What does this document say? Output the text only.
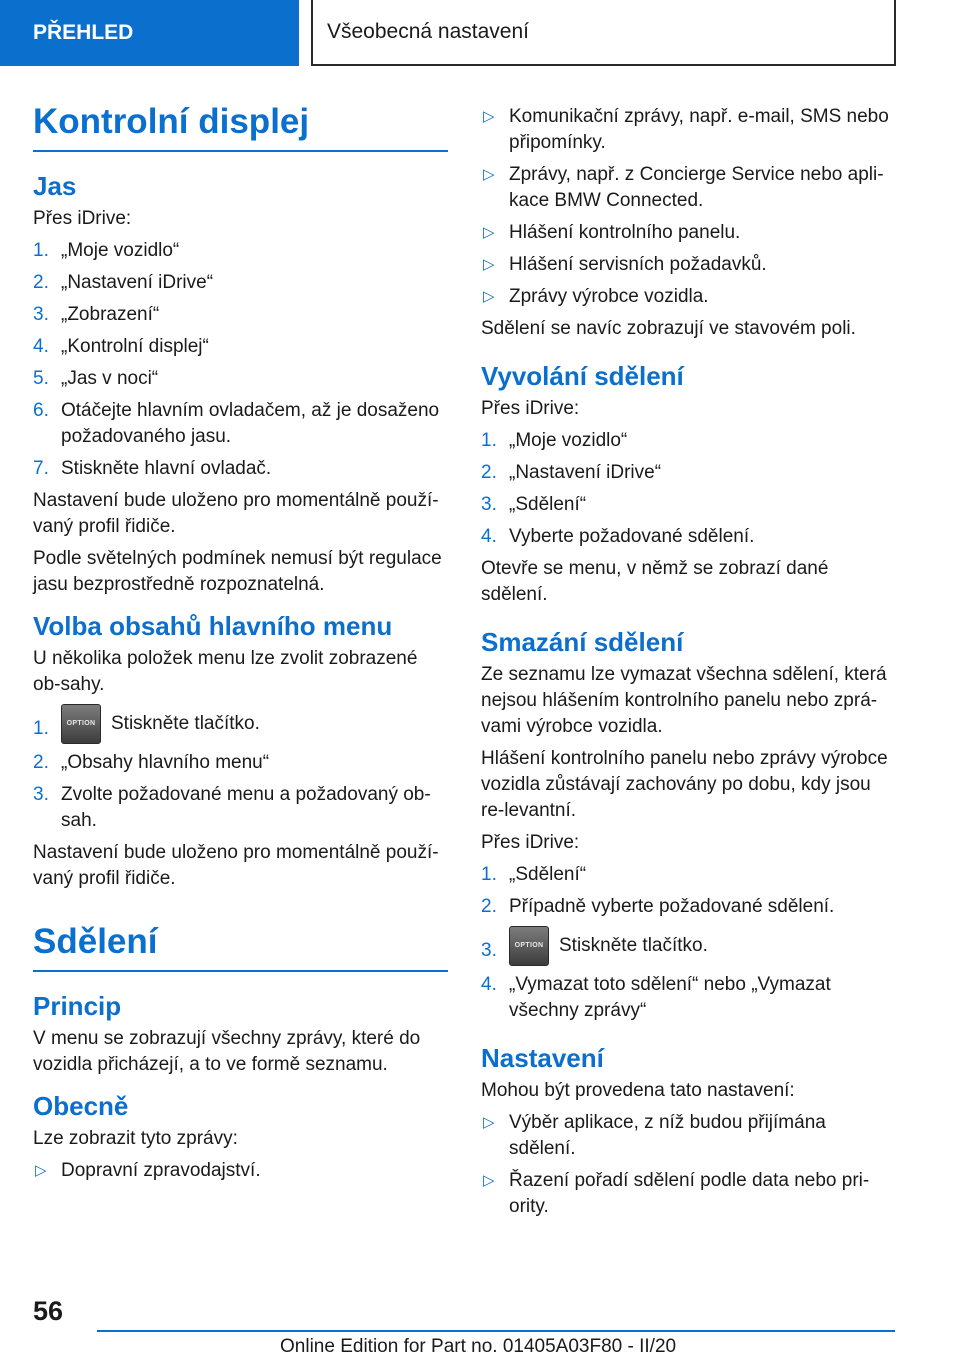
PŘEHLED	Všeobecná nastavení
Kontrolní displej
Jas

Přes iDrive:

1. „Moje vozidlo“
2. „Nastavení iDrive“
3. „Zobrazení“
4. „Kontrolní displej“
5. „Jas v noci“
6. Otáčejte hlavním ovladačem, až je dosaženo požadovaného jasu.
7. Stiskněte hlavní ovladač.

Nastavení bude uloženo pro momentálně použí-vaný profil řidiče.

Podle světelných podmínek nemusí být regulace jasu bezprostředně rozpoznatelná.

Volba obsahů hlavního menu

U několika položek menu lze zvolit zobrazené ob-sahy.

1.	OPTION Stiskněte tlačítko.
2. „Obsahy hlavního menu“
3. Zvolte požadované menu a požadovaný ob-sah.

Nastavení bude uloženo pro momentálně použí-vaný profil řidiče.

Sdělení
Princip

V menu se zobrazují všechny zprávy, které do vozidla přicházejí, a to ve formě seznamu.

Obecně

Lze zobrazit tyto zprávy:

▷ Dopravní zpravodajství.
▷ Komunikační zprávy, např. e-mail, SMS nebo připomínky.
▷ Zprávy, např. z Concierge Service nebo apli-kace BMW Connected.
▷ Hlášení kontrolního panelu.
▷ Hlášení servisních požadavků.
▷ Zprávy výrobce vozidla.

Sdělení se navíc zobrazují ve stavovém poli.

Vyvolání sdělení

Přes iDrive:

1. „Moje vozidlo“
2. „Nastavení iDrive“
3. „Sdělení“
4. Vyberte požadované sdělení.

Otevře se menu, v němž se zobrazí dané sdělení.

Smazání sdělení

Ze seznamu lze vymazat všechna sdělení, která nejsou hlášením kontrolního panelu nebo zprá-vami výrobce vozidla.

Hlášení kontrolního panelu nebo zprávy výrobce vozidla zůstávají zachovány po dobu, kdy jsou re-levantní.

Přes iDrive:

1. „Sdělení“
2. Případně vyberte požadované sdělení.
3.	OPTION Stiskněte tlačítko.
4. „Vymazat toto sdělení“ nebo „Vymazat všechny zprávy“
Nastavení

Mohou být provedena tato nastavení:

▷ Výběr aplikace, z níž budou přijímána sdělení.
▷ Řazení pořadí sdělení podle data nebo pri-ority.
56
Online Edition for Part no. 01405A03F80 - II/20
